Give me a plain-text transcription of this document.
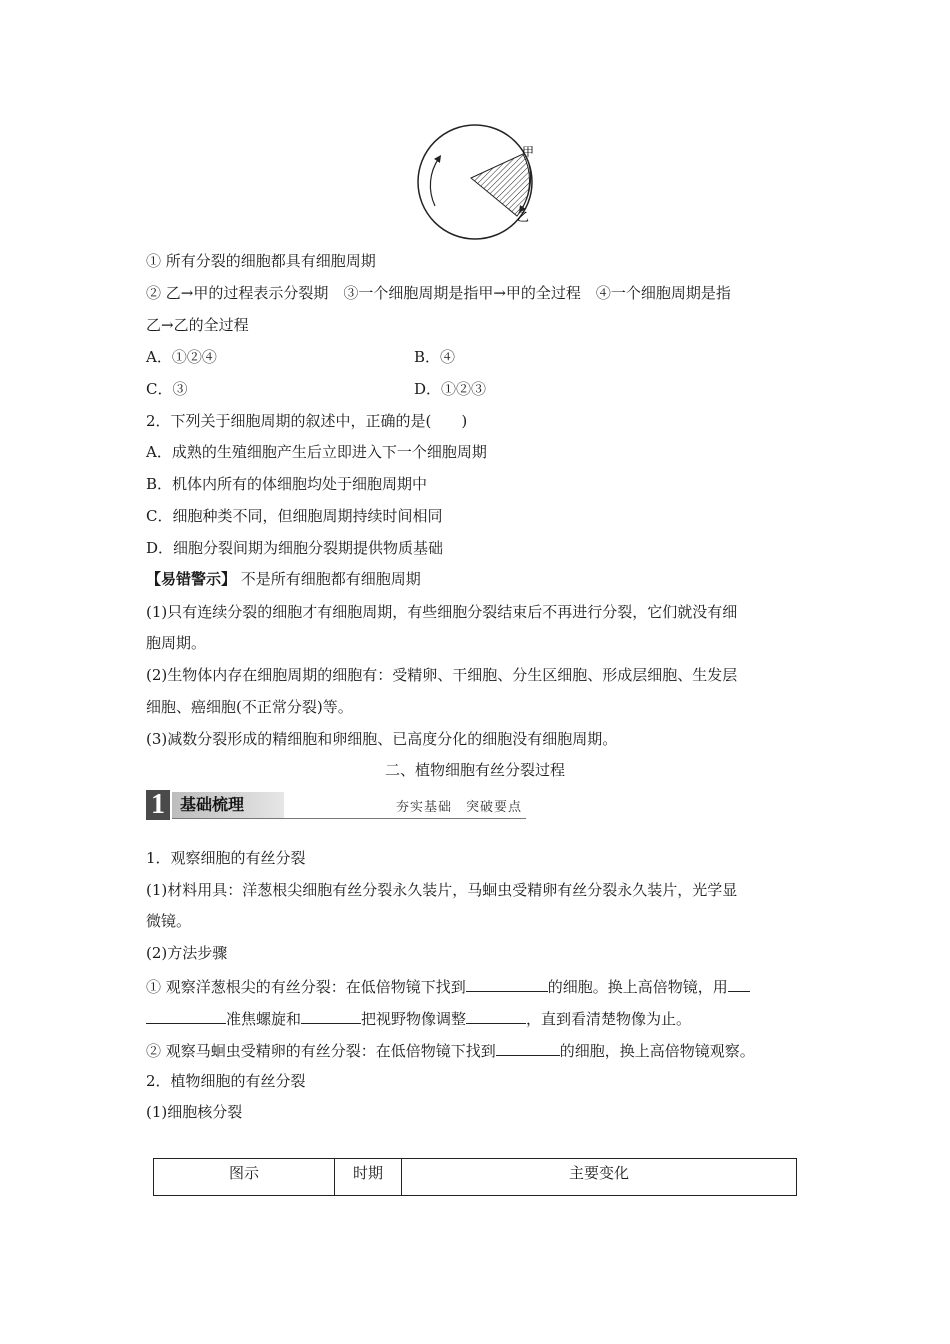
甲
乙
① 所有分裂的细胞都具有细胞周期
② 乙→甲的过程表示分裂期　③一个细胞周期是指甲→甲的全过程　④一个细胞周期是指
乙→乙的全过程
A．①②④	B．④
C．③	D．①②③
2．下列关于细胞周期的叙述中，正确的是(　　)
A．成熟的生殖细胞产生后立即进入下一个细胞周期
B．机体内所有的体细胞均处于细胞周期中
C．细胞种类不同，但细胞周期持续时间相同
D．细胞分裂间期为细胞分裂期提供物质基础
【易错警示】 不是所有细胞都有细胞周期
(1)只有连续分裂的细胞才有细胞周期，有些细胞分裂结束后不再进行分裂，它们就没有细
胞周期。
(2)生物体内存在细胞周期的细胞有：受精卵、干细胞、分生区细胞、形成层细胞、生发层
细胞、癌细胞(不正常分裂)等。
(3)减数分裂形成的精细胞和卵细胞、已高度分化的细胞没有细胞周期。
二、植物细胞有丝分裂过程
1 基础梳理	夯实基础　突破要点
1．观察细胞的有丝分裂
(1)材料用具：洋葱根尖细胞有丝分裂永久装片，马蛔虫受精卵有丝分裂永久装片，光学显
微镜。
(2)方法步骤
① 观察洋葱根尖的有丝分裂：在低倍物镜下找到	的细胞。换上高倍物镜，用
准焦螺旋和	把视野物像调整	，直到看清楚物像为止。
② 观察马蛔虫受精卵的有丝分裂：在低倍物镜下找到	的细胞，换上高倍物镜观察。
2．植物细胞的有丝分裂
(1)细胞核分裂
图示	时期	主要变化
